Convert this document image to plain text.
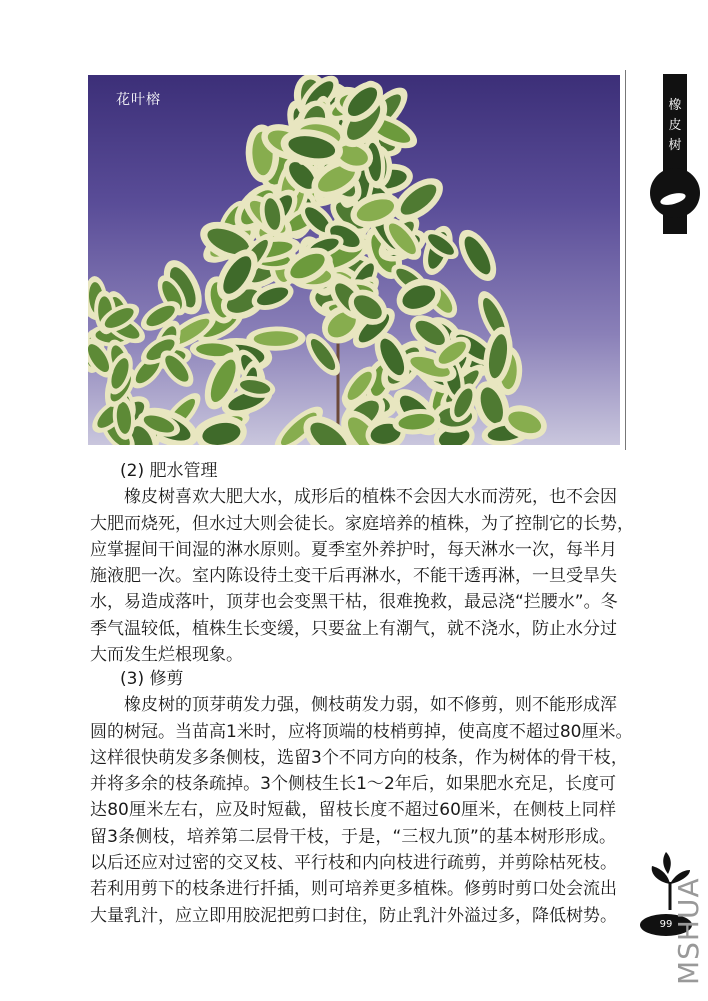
花叶榕	橡
皮
树
(2) 肥水管理
橡皮树喜欢大肥大水，成形后的植株不会因大水而涝死，也不会因
大肥而烧死，但水过大则会徒长。家庭培养的植株，为了控制它的长势，
应掌握间干间湿的淋水原则。夏季室外养护时，每天淋水一次，每半月
施液肥一次。室内陈设待土变干后再淋水，不能干透再淋，一旦受旱失
水，易造成落叶，顶芽也会变黑干枯，很难挽救，最忌浇“拦腰水”。冬
季气温较低，植株生长变缓，只要盆上有潮气，就不浇水，防止水分过
大而发生烂根现象。
(3) 修剪
橡皮树的顶芽萌发力强，侧枝萌发力弱，如不修剪，则不能形成浑
圆的树冠。当苗高1米时，应将顶端的枝梢剪掉，使高度不超过80厘米。
这样很快萌发多条侧枝，选留3个不同方向的枝条，作为树体的骨干枝，
并将多余的枝条疏掉。3个侧枝生长1～2年后，如果肥水充足，长度可
达80厘米左右，应及时短截，留枝长度不超过60厘米，在侧枝上同样
留3条侧枝，培养第二层骨干枝，于是，“三杈九顶”的基本树形形成。
以后还应对过密的交叉枝、平行枝和内向枝进行疏剪，并剪除枯死枝。
若利用剪下的枝条进行扦插，则可培养更多植株。修剪时剪口处会流出
大量乳汁，应立即用胶泥把剪口封住，防止乳汁外溢过多，降低树势。	99 MSHUA
